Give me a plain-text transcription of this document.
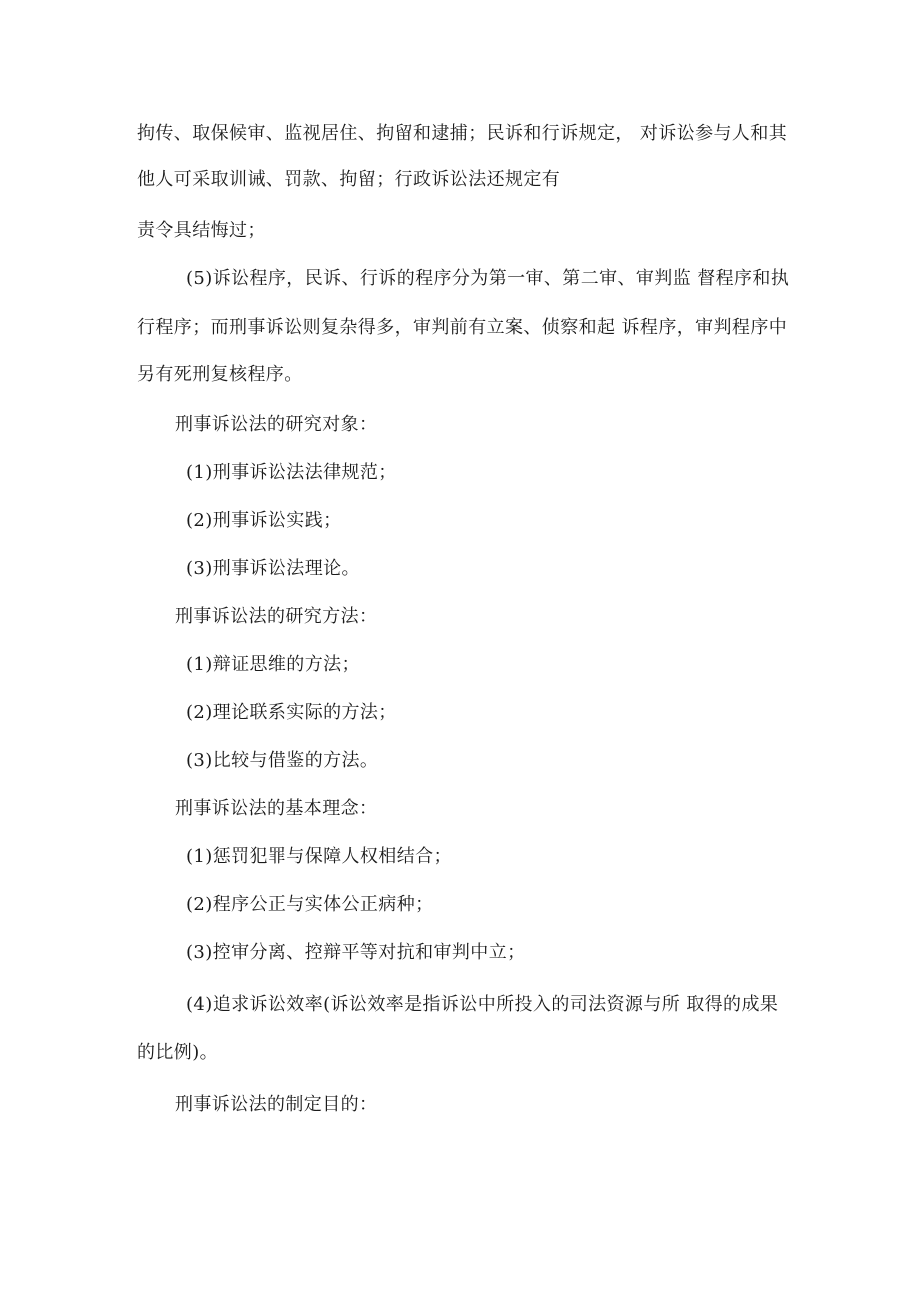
拘传、取保候审、监视居住、拘留和逮捕；民诉和行诉规定， 对诉讼参与人和其
他人可采取训诫、罚款、拘留；行政诉讼法还规定有
责令具结悔过；
(5)诉讼程序，民诉、行诉的程序分为第一审、第二审、审判监 督程序和执
行程序；而刑事诉讼则复杂得多，审判前有立案、侦察和起 诉程序，审判程序中
另有死刑复核程序。
刑事诉讼法的研究对象：
(1)刑事诉讼法法律规范；
(2)刑事诉讼实践；
(3)刑事诉讼法理论。
刑事诉讼法的研究方法：
(1)辩证思维的方法；
(2)理论联系实际的方法；
(3)比较与借鉴的方法。
刑事诉讼法的基本理念：
(1)惩罚犯罪与保障人权相结合；
(2)程序公正与实体公正病种；
(3)控审分离、控辩平等对抗和审判中立；
(4)追求诉讼效率(诉讼效率是指诉讼中所投入的司法资源与所 取得的成果
的比例)。
刑事诉讼法的制定目的：
